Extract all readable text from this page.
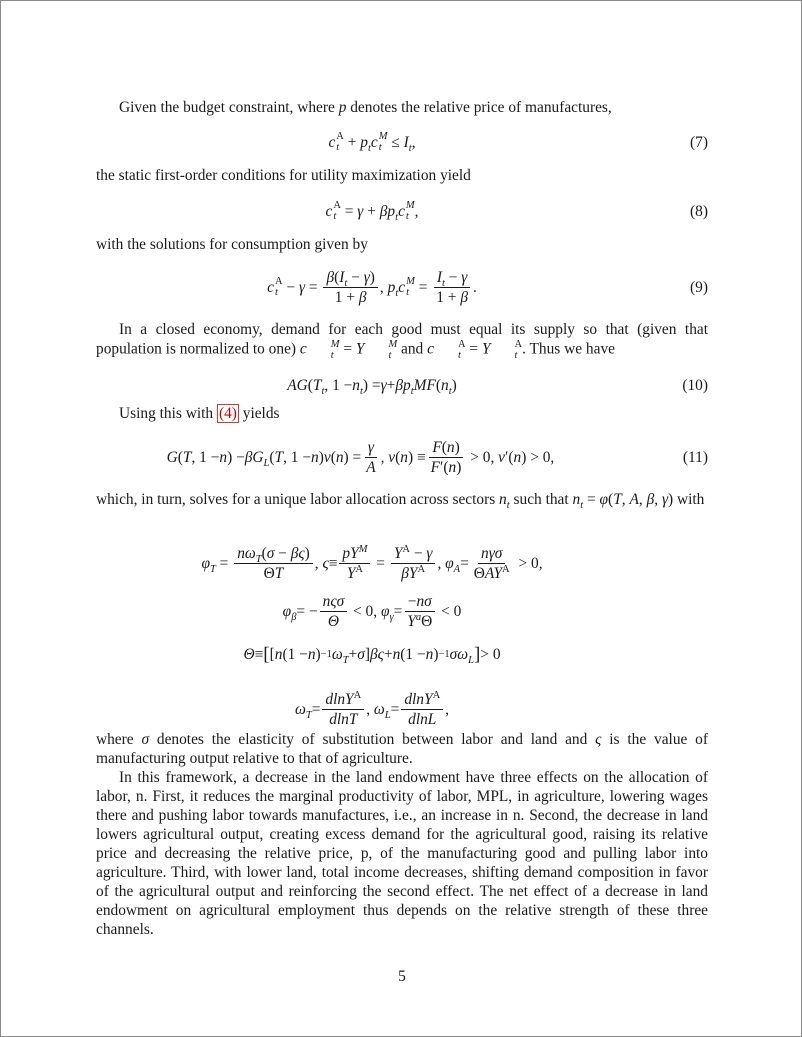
Given the budget constraint, where p denotes the relative price of manufactures,

c A
$t + p_tc$ M
$t \le I_t$ ,	(7)

the static first-order conditions for utility maximization yield

c A
$t = \gamma + \beta p_tc$ M
t ,	(8)

with the solutions for consumption given by

c A
$t - \gamma = \frac{\beta(I_t - \gamma)}{1 + \beta}$ , $p_tc$ M
$t = \frac{I_t - \gamma}{1 + \beta}$ .	(9)

In a closed economy, demand for each good must equal its supply so that (given that population is normalized to one) c	M
t = Y	M
t and c	A
t = Y	A
t . Thus we have

AG ( $T_t$ , $1 - n_t$ ) = $\gamma + \beta p_tMF$ ( $n_t$ )	(10)

Using this with (4) yields

G ( T , 1 − n ) − $\beta G_L$ ( T , 1 − n ) v ( n ) = $\frac{\gamma}{A}$ , v ( n ) ≡ $\frac{F(n)}{F'(n)} > 0$, v ′( n ) > 0,	(11)

which, in turn, solves for a unique labor allocation across sectors $n_t$ such that $n_t = \varphi(T$, A, β, γ) with

$\varphi_T = \frac{n\omega_T(\sigma - \beta\varsigma)}{\Theta T}$ , $\varsigma \equiv \frac{pY^M}{Y^A} = \frac{Y^A - \gamma}{\beta Y^A}$ , $\varphi_A = \frac{\text{nγσ}}{\Theta AY^A} > 0$,
$\varphi_\beta$ = − $\frac{\text{nςσ}}{\Theta} < 0$, $\varphi_\gamma = \frac{-n\sigma}{Y^a\Theta} < 0$
Θ ≡ [ [ n (1 − n ) −1 $\omega_T + \sigma$ ] βς + n (1 − n ) −1 $\sigma\omega_L$ ] > 0
$\omega_T = \frac{dlnY^A}{dlnT}$ , $\omega_L = \frac{dlnY^A}{dlnL}$ ,

where σ denotes the elasticity of substitution between labor and land and ς is the value of manufacturing output relative to that of agriculture.

In this framework, a decrease in the land endowment have three effects on the allocation of labor, n. First, it reduces the marginal productivity of labor, MPL, in agriculture, lowering wages there and pushing labor towards manufactures, i.e., an increase in n. Second, the decrease in land lowers agricultural output, creating excess demand for the agricultural good, raising its relative price and decreasing the relative price, p, of the manufacturing good and pulling labor into agriculture. Third, with lower land, total income decreases, shifting demand composition in favor of the agricultural output and reinforcing the second effect. The net effect of a decrease in land endowment on agricultural employment thus depends on the relative strength of these three channels.

5
